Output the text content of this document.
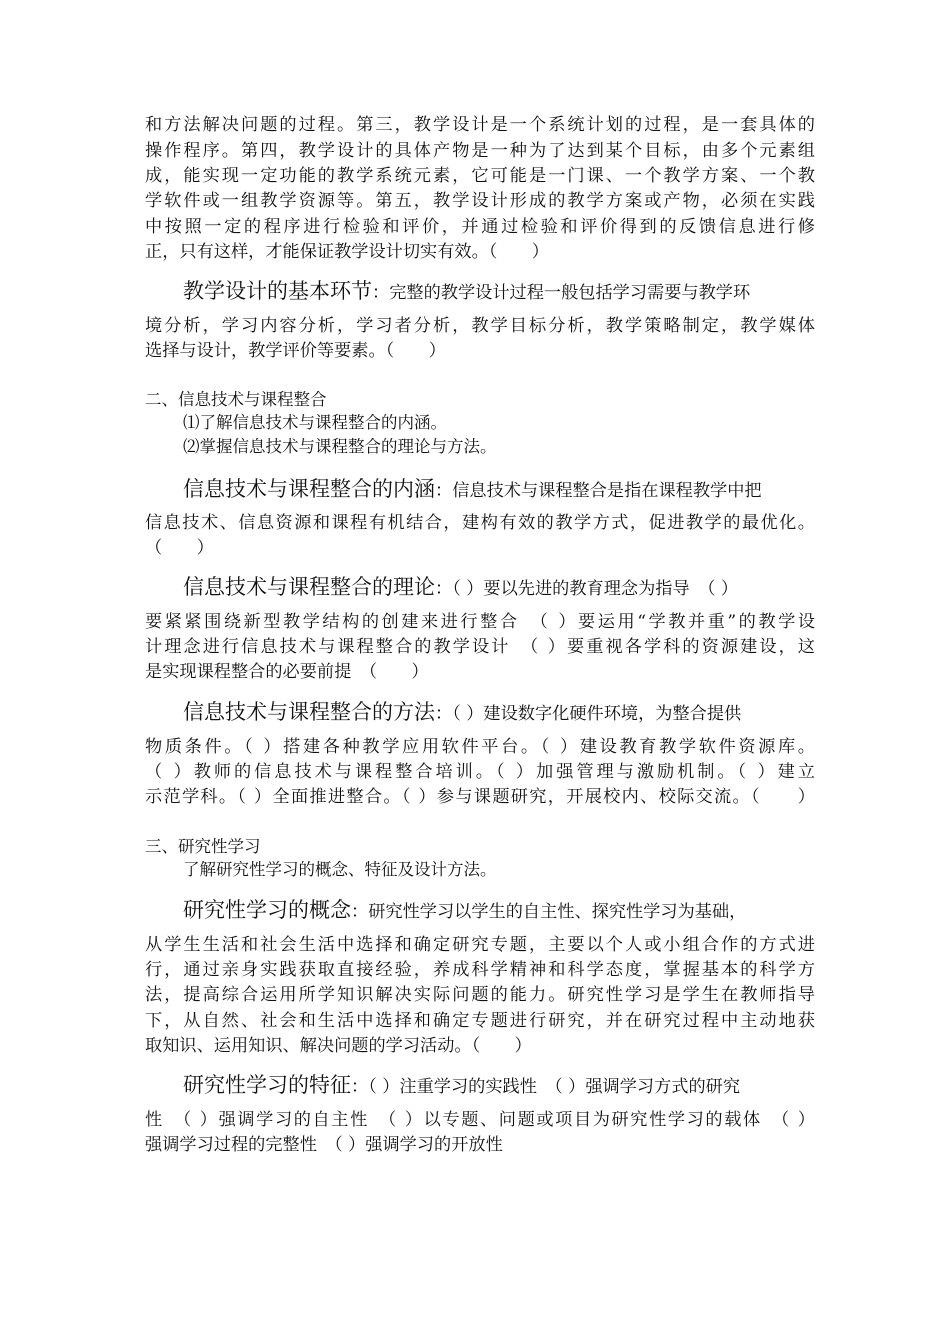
和方法解决问题的过程。第三，教学设计是一个系统计划的过程，是一套具体的
操作程序。第四，教学设计的具体产物是一种为了达到某个目标，由多个元素组
成，能实现一定功能的教学系统元素，它可能是一门课、一个教学方案、一个教
学软件或一组教学资源等。第五，教学设计形成的教学方案或产物，必须在实践
中按照一定的程序进行检验和评价，并通过检验和评价得到的反馈信息进行修
正，只有这样，才能保证教学设计切实有效。（　　）
教学设计的基本环节：完整的教学设计过程一般包括学习需要与教学环
境分析，学习内容分析，学习者分析，教学目标分析，教学策略制定，教学媒体
选择与设计，教学评价等要素。（　　）
二、信息技术与课程整合
⑴了解信息技术与课程整合的内涵。
⑵掌握信息技术与课程整合的理论与方法。
信息技术与课程整合的内涵：信息技术与课程整合是指在课程教学中把
信息技术、信息资源和课程有机结合，建构有效的教学方式，促进教学的最优化。
（　　）
信息技术与课程整合的理论：（ ）要以先进的教育理念为指导　（ ）
要紧紧围绕新型教学结构的创建来进行整合　（ ）要运用“学教并重”的教学设
计理念进行信息技术与课程整合的教学设计　（ ）要重视各学科的资源建设，这
是实现课程整合的必要前提　（　　）
信息技术与课程整合的方法：（ ）建设数字化硬件环境，为整合提供
物质条件。（ ）搭建各种教学应用软件平台。（ ）建设教育教学软件资源库。
（ ）教师的信息技术与课程整合培训。（ ）加强管理与激励机制。（ ）建立
示范学科。（ ）全面推进整合。（ ）参与课题研究，开展校内、校际交流。（　　）
三、研究性学习
了解研究性学习的概念、特征及设计方法。
研究性学习的概念：研究性学习以学生的自主性、探究性学习为基础，
从学生生活和社会生活中选择和确定研究专题，主要以个人或小组合作的方式进
行，通过亲身实践获取直接经验，养成科学精神和科学态度，掌握基本的科学方
法，提高综合运用所学知识解决实际问题的能力。研究性学习是学生在教师指导
下，从自然、社会和生活中选择和确定专题进行研究，并在研究过程中主动地获
取知识、运用知识、解决问题的学习活动。（　　）
研究性学习的特征：（ ）注重学习的实践性　（ ）强调学习方式的研究
性　（ ）强调学习的自主性　（ ）以专题、问题或项目为研究性学习的载体　（ ）
强调学习过程的完整性　（ ）强调学习的开放性
